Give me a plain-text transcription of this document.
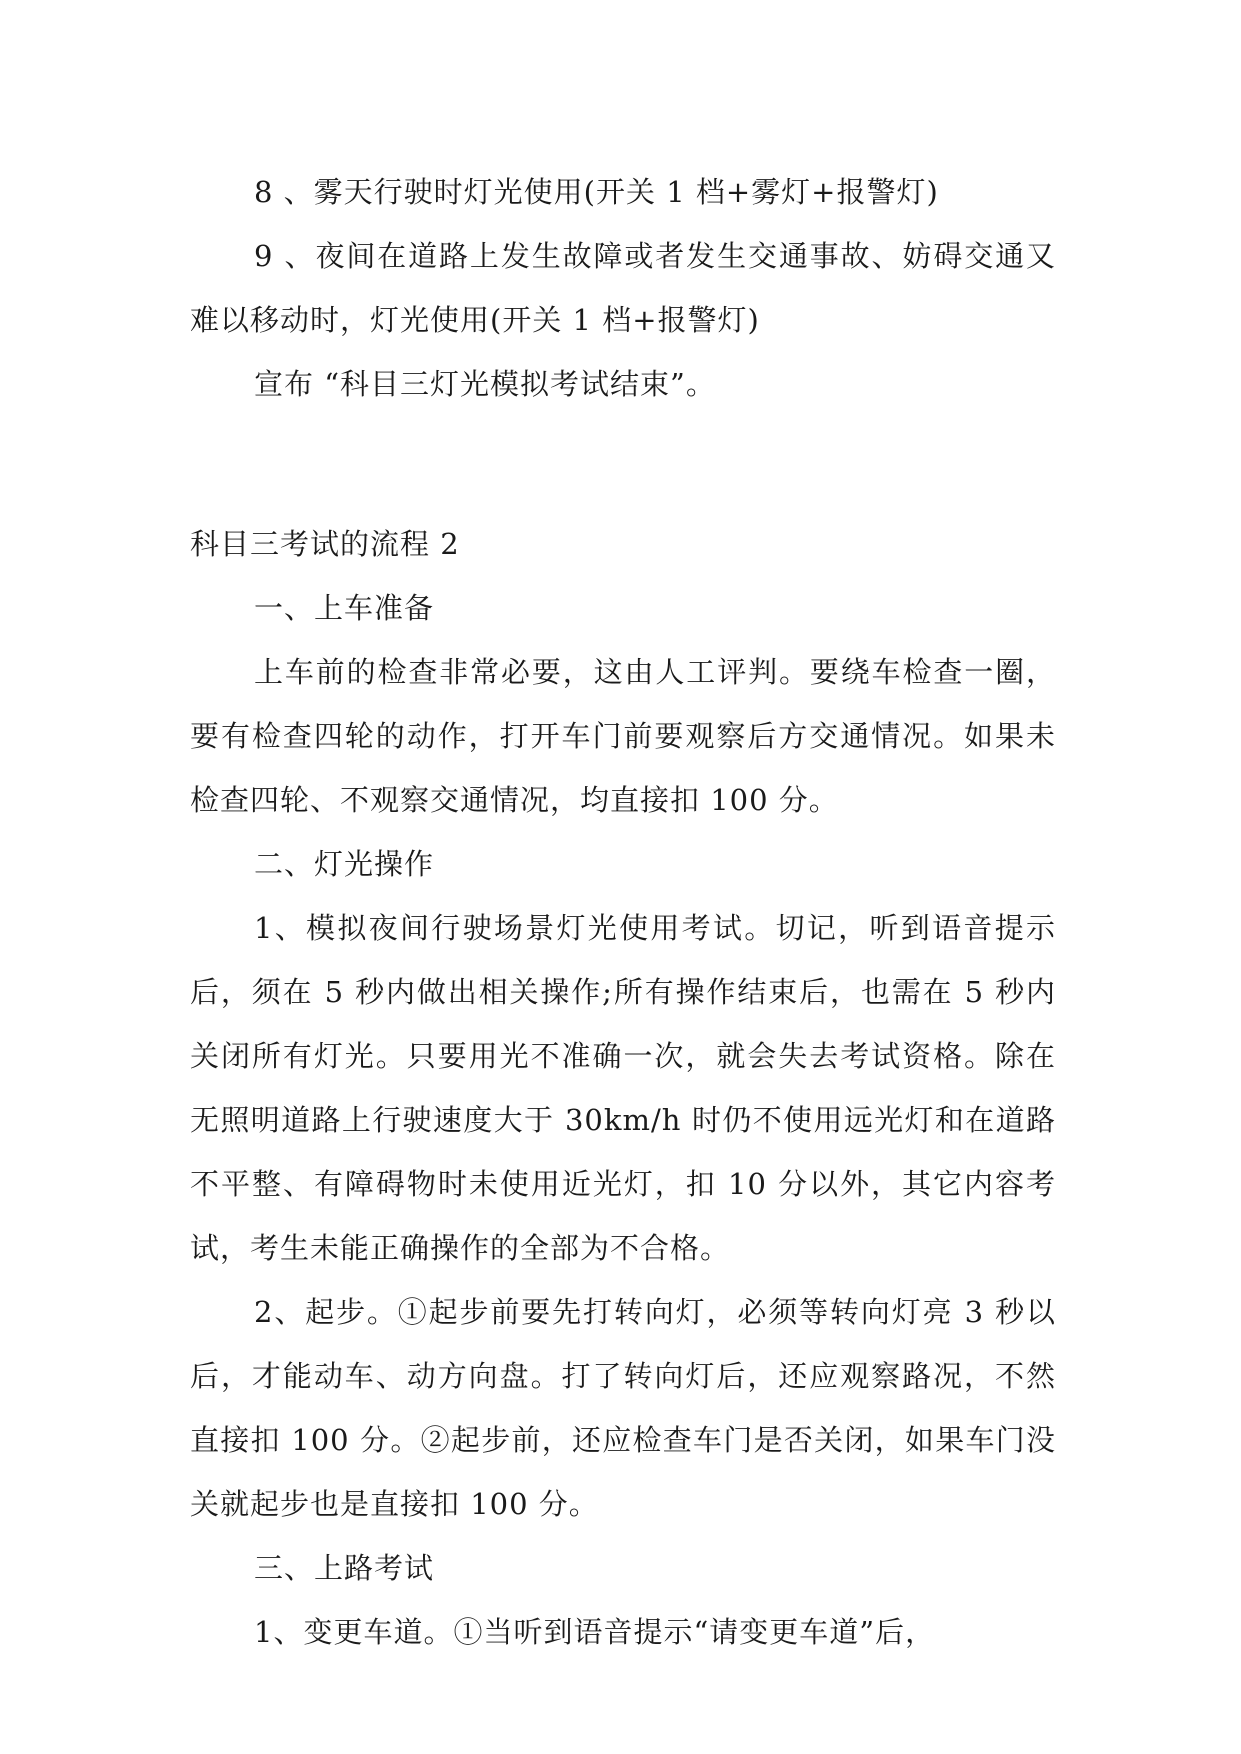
8 、雾天行驶时灯光使用(开关 1 档+雾灯+报警灯)

9 、夜间在道路上发生故障或者发生交通事故、妨碍交通又难以移动时，灯光使用(开关 1 档+报警灯)

宣布 “科目三灯光模拟考试结束”。

科目三考试的流程 2

一、上车准备

上车前的检查非常必要，这由人工评判。要绕车检查一圈，要有检查四轮的动作，打开车门前要观察后方交通情况。如果未检查四轮、不观察交通情况，均直接扣 100 分。

二、灯光操作

1、模拟夜间行驶场景灯光使用考试。切记，听到语音提示后，须在 5 秒内做出相关操作;所有操作结束后，也需在 5 秒内关闭所有灯光。只要用光不准确一次，就会失去考试资格。除在无照明道路上行驶速度大于 30km/h 时仍不使用远光灯和在道路不平整、有障碍物时未使用近光灯，扣 10 分以外，其它内容考试，考生未能正确操作的全部为不合格。

2、起步。①起步前要先打转向灯，必须等转向灯亮 3 秒以后，才能动车、动方向盘。打了转向灯后，还应观察路况，不然直接扣 100 分。②起步前，还应检查车门是否关闭，如果车门没关就起步也是直接扣 100 分。

三、上路考试

1、变更车道。①当听到语音提示“请变更车道”后，
